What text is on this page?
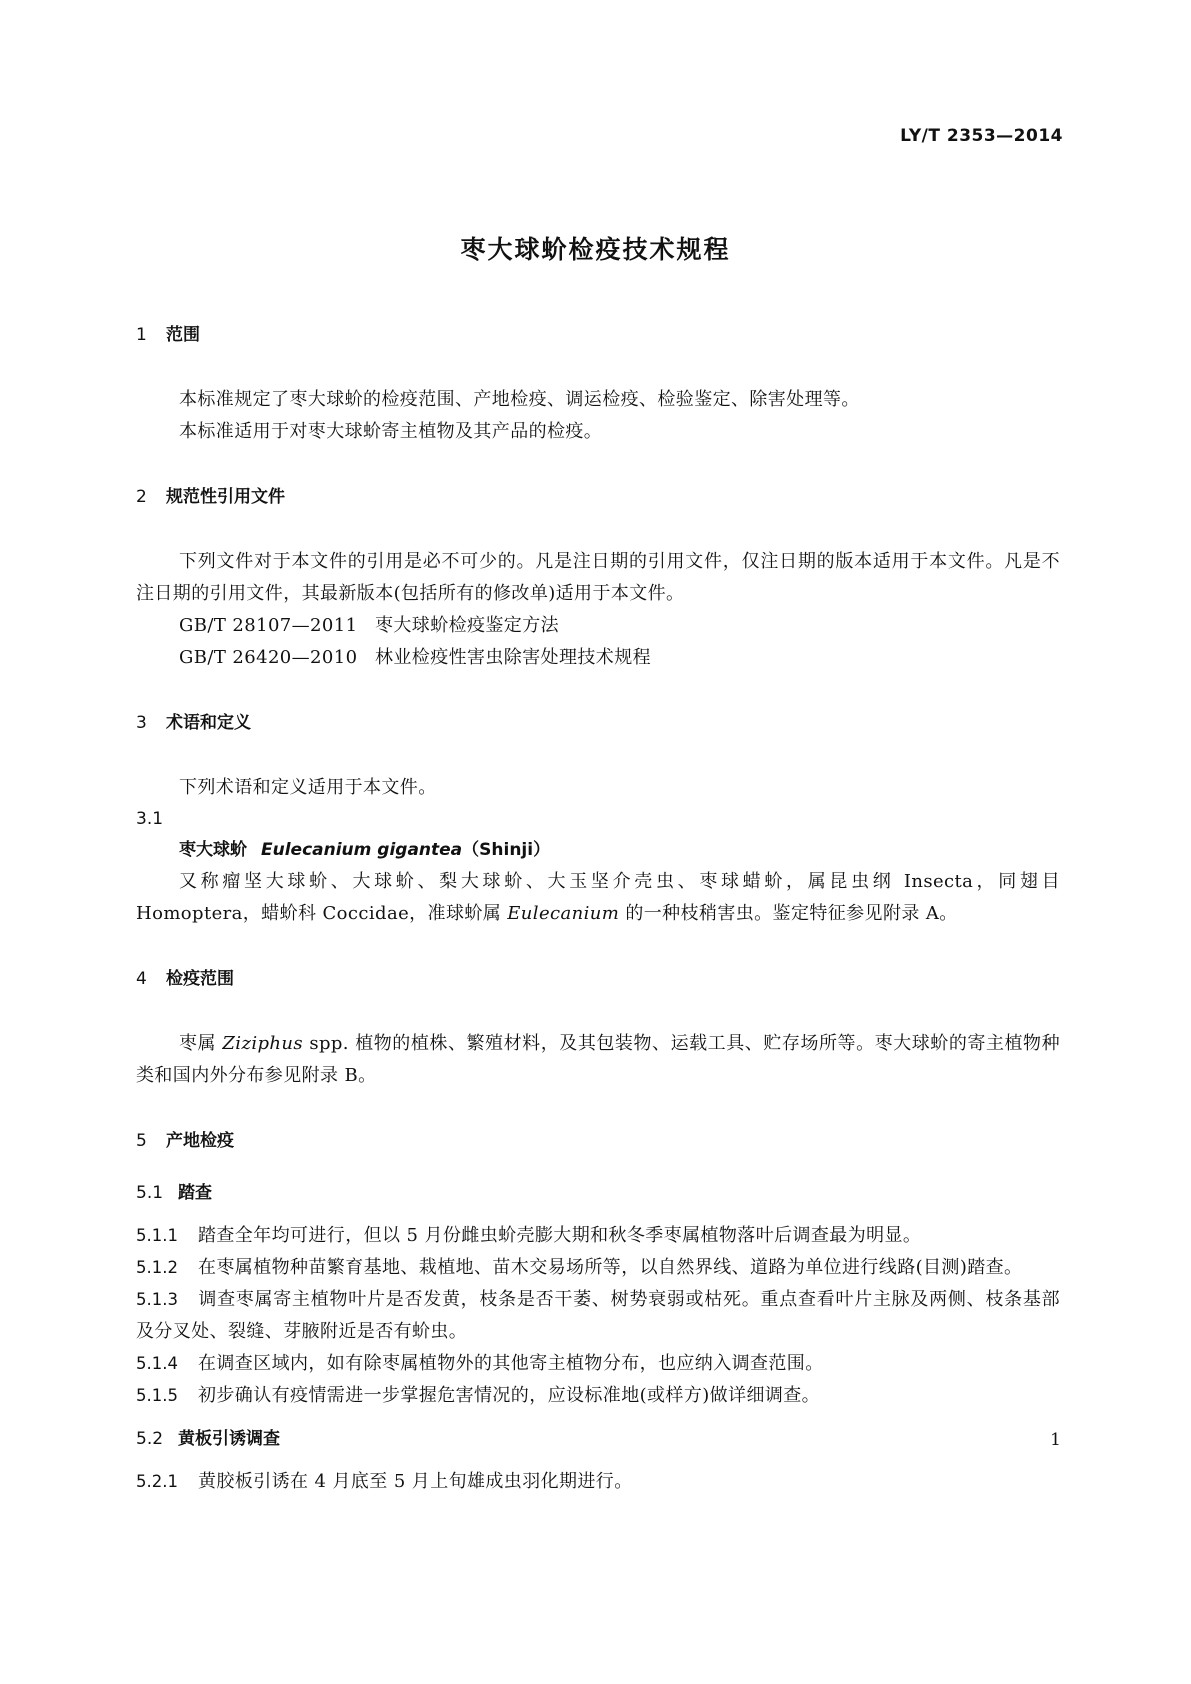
LY/T 2353—2014
枣大球蚧检疫技术规程
1 范围

本标准规定了枣大球蚧的检疫范围、产地检疫、调运检疫、检验鉴定、除害处理等。

本标准适用于对枣大球蚧寄主植物及其产品的检疫。

2 规范性引用文件

下列文件对于本文件的引用是必不可少的。凡是注日期的引用文件，仅注日期的版本适用于本文件。凡是不注日期的引用文件，其最新版本(包括所有的修改单)适用于本文件。

GB/T 28107—2011 枣大球蚧检疫鉴定方法
GB/T 26420—2010 林业检疫性害虫除害处理技术规程
3 术语和定义

下列术语和定义适用于本文件。

3.1
枣大球蚧 Eulecanium gigantea（Shinji）

又称瘤坚大球蚧、大球蚧、梨大球蚧、大玉坚介壳虫、枣球蜡蚧，属昆虫纲 Insecta，同翅目 Homoptera，蜡蚧科 Coccidae，准球蚧属 Eulecanium 的一种枝稍害虫。鉴定特征参见附录 A。

4 检疫范围

枣属 Ziziphus spp. 植物的植株、繁殖材料，及其包装物、运载工具、贮存场所等。枣大球蚧的寄主植物种类和国内外分布参见附录 B。

5 产地检疫
5.1 踏查
5.1.1 踏查全年均可进行，但以 5 月份雌虫蚧壳膨大期和秋冬季枣属植物落叶后调查最为明显。
5.1.2 在枣属植物种苗繁育基地、栽植地、苗木交易场所等，以自然界线、道路为单位进行线路(目测)踏查。
5.1.3 调查枣属寄主植物叶片是否发黄，枝条是否干萎、树势衰弱或枯死。重点查看叶片主脉及两侧、枝条基部及分叉处、裂缝、芽腋附近是否有蚧虫。
5.1.4 在调查区域内，如有除枣属植物外的其他寄主植物分布，也应纳入调查范围。
5.1.5 初步确认有疫情需进一步掌握危害情况的，应设标准地(或样方)做详细调查。
5.2 黄板引诱调查
5.2.1 黄胶板引诱在 4 月底至 5 月上旬雄成虫羽化期进行。
1
